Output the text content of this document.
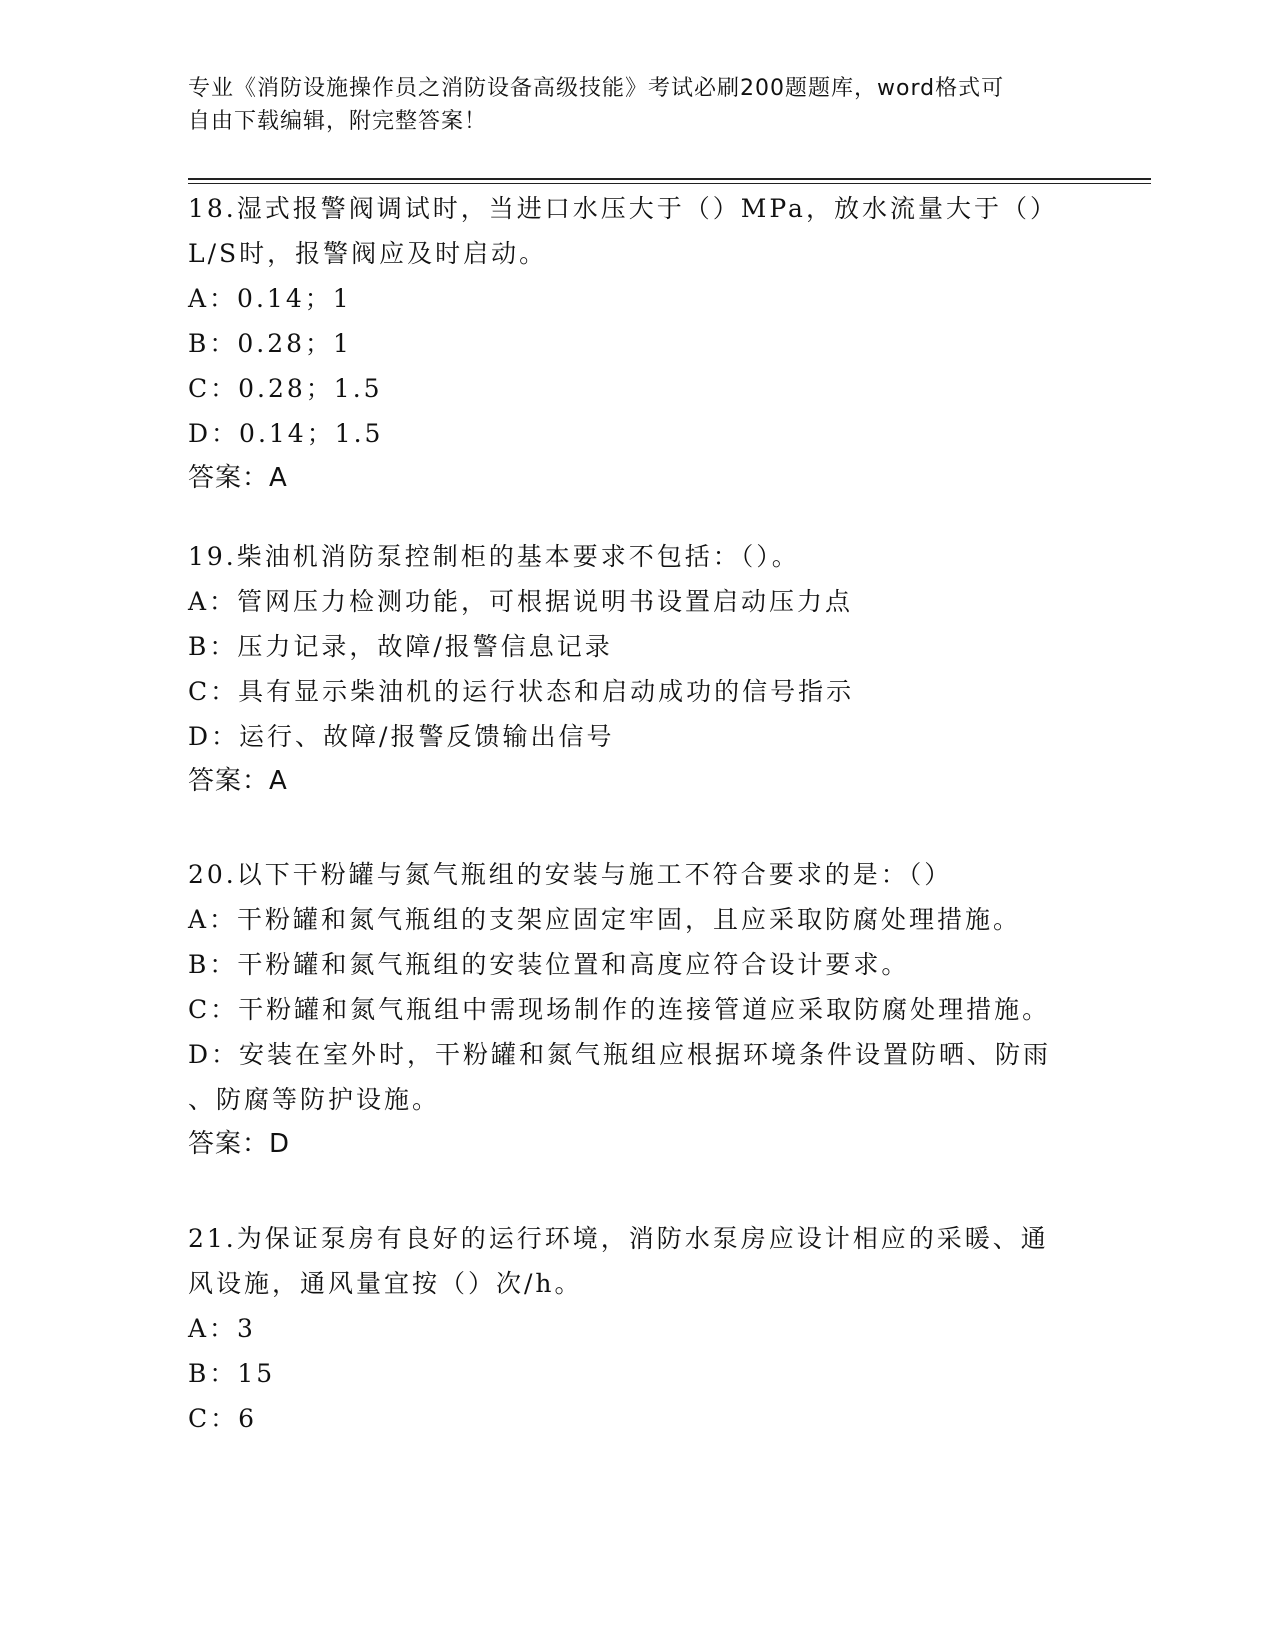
专业《消防设施操作员之消防设备高级技能》考试必刷200题题库，word格式可
自由下载编辑，附完整答案！
18.湿式报警阀调试时，当进口水压大于（）MPa，放水流量大于（）
L/S时，报警阀应及时启动。
A：0.14；1
B：0.28；1
C：0.28；1.5
D：0.14；1.5
答案：A
19.柴油机消防泵控制柜的基本要求不包括：（）。
A：管网压力检测功能，可根据说明书设置启动压力点
B：压力记录，故障/报警信息记录
C：具有显示柴油机的运行状态和启动成功的信号指示
D：运行、故障/报警反馈输出信号
答案：A
20.以下干粉罐与氮气瓶组的安装与施工不符合要求的是：（）
A：干粉罐和氮气瓶组的支架应固定牢固，且应采取防腐处理措施。
B：干粉罐和氮气瓶组的安装位置和高度应符合设计要求。
C：干粉罐和氮气瓶组中需现场制作的连接管道应采取防腐处理措施。
D：安装在室外时，干粉罐和氮气瓶组应根据环境条件设置防晒、防雨
、防腐等防护设施。
答案：D
21.为保证泵房有良好的运行环境，消防水泵房应设计相应的采暖、通
风设施，通风量宜按（）次/h。
A：3
B：15
C：6
